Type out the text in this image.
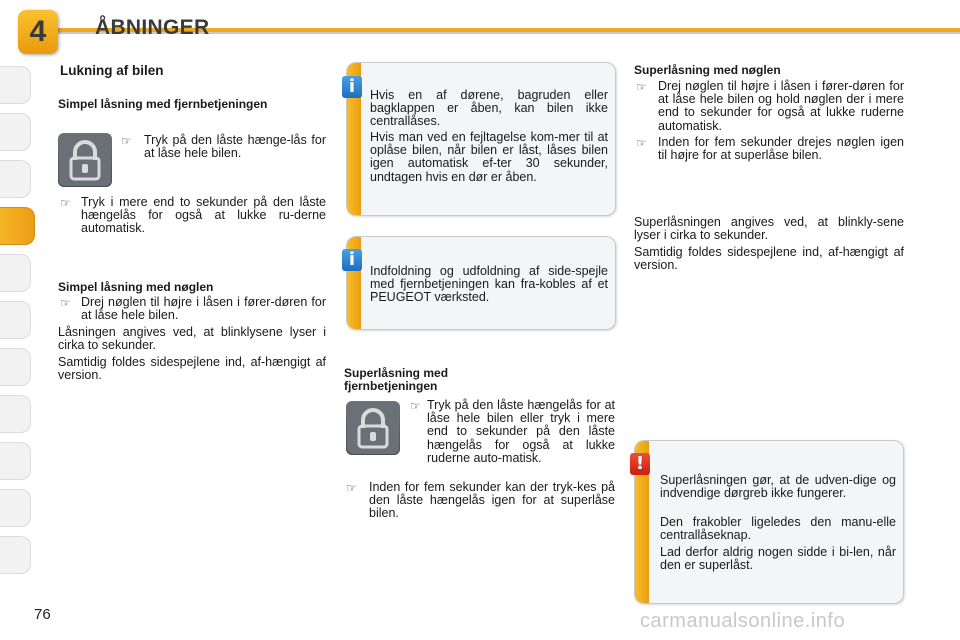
4	ÅBNINGER
Lukning af bilen
Simpel låsning med fjernbetjeningen
☞ Tryk på den låste hænge-lås for at låse hele bilen.
☞ Tryk i mere end to sekunder på den låste hængelås for også at lukke ru-derne automatisk.
Simpel låsning med nøglen
☞ Drej nøglen til højre i låsen i fører-døren for at låse hele bilen.
Låsningen angives ved, at blinklysene lyser i cirka to sekunder.
Samtidig foldes sidespejlene ind, af-hængigt af version.
i	Hvis en af dørene, bagruden eller bagklappen er åben, kan bilen ikke centrallåses.
Hvis man ved en fejltagelse kom-mer til at oplåse bilen, når bilen er låst, låses bilen igen automatisk ef-ter 30 sekunder, undtagen hvis en dør er åben.
i
Indfoldning og udfoldning af side-spejle med fjernbetjeningen kan fra-kobles af et PEUGEOT værksted.
Superlåsning med
fjernbetjeningen
☞ Tryk på den låste hængelås for at låse hele bilen eller tryk i mere end to sekunder på den låste hængelås for også at lukke ruderne auto-matisk.
☞ Inden for fem sekunder kan der tryk-kes på den låste hængelås igen for at superlåse bilen.
Superlåsning med nøglen
☞ Drej nøglen til højre i låsen i fører-døren for at låse hele bilen og hold nøglen der i mere end to sekunder for også at lukke ruderne automatisk.
☞ Inden for fem sekunder drejes nøglen igen til højre for at superlåse bilen.
Superlåsningen angives ved, at blinkly-sene lyser i cirka to sekunder.
Samtidig foldes sidespejlene ind, af-hængigt af version.
!
Superlåsningen gør, at de udven-dige og indvendige dørgreb ikke fungerer.
Den frakobler ligeledes den manu-elle centrallåseknap.
Lad derfor aldrig nogen sidde i bi-len, når den er superlåst.
76	carmanualsonline.info
